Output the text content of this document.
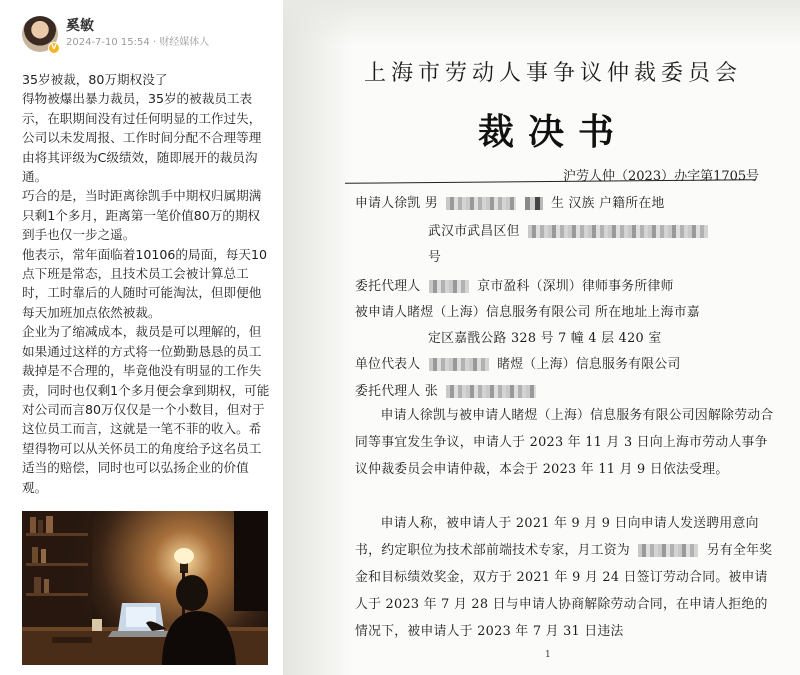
V
奚敏
2024-7-10 15:54 · 财经媒体人

35岁被裁，80万期权没了

得物被爆出暴力裁员，35岁的被裁员工表示，在职期间没有过任何明显的工作过失，公司以未发周报、工作时间分配不合理等理由将其评级为C级绩效，随即展开的裁员沟通。

巧合的是，当时距离徐凯手中期权归属期满只剩1个多月，距离第一笔价值80万的期权到手也仅一步之遥。

他表示，常年面临着10106的局面，每天10点下班是常态，且技术员工会被计算总工时，工时靠后的人随时可能淘汰，但即便他每天加班加点依然被裁。

企业为了缩减成本，裁员是可以理解的，但如果通过这样的方式将一位勤勤恳恳的员工裁掉是不合理的，毕竟他没有明显的工作失责，同时也仅剩1个多月便会拿到期权，可能对公司而言80万仅仅是一个小数目，但对于这位员工而言，这就是一笔不菲的收入。希望得物可以从关怀员工的角度给予这名员工适当的赔偿，同时也可以弘扬企业的价值观。

上海市劳动人事争议仲裁委员会
裁决书
沪劳人仲（2023）办字第1705号
申请人徐凯 男	生 汉族 户籍所在地
武汉市武昌区但
号
委托代理人	京市盈科（深圳）律师事务所律师
被申请人睹煜（上海）信息服务有限公司 所在地址上海市嘉
定区嘉戬公路 328 号 7 幢 4 层 420 室
单位代表人	睹煜（上海）信息服务有限公司
委托代理人 张
申请人徐凯与被申请人睹煜（上海）信息服务有限公司因解除劳动合同等事宜发生争议，申请人于 2023 年 11 月 3 日向上海市劳动人事争议仲裁委员会申请仲裁，本会于 2023 年 11 月 9 日依法受理。
申请人称，被申请人于 2021 年 9 月 9 日向申请人发送聘用意向书，约定职位为技术部前端技术专家，月工资为	另有全年奖金和目标绩效奖金，双方于 2021 年 9 月 24 日签订劳动合同。被申请人于 2023 年 7 月 28 日与申请人协商解除劳动合同，在申请人拒绝的情况下，被申请人于 2023 年 7 月 31 日违法
1
